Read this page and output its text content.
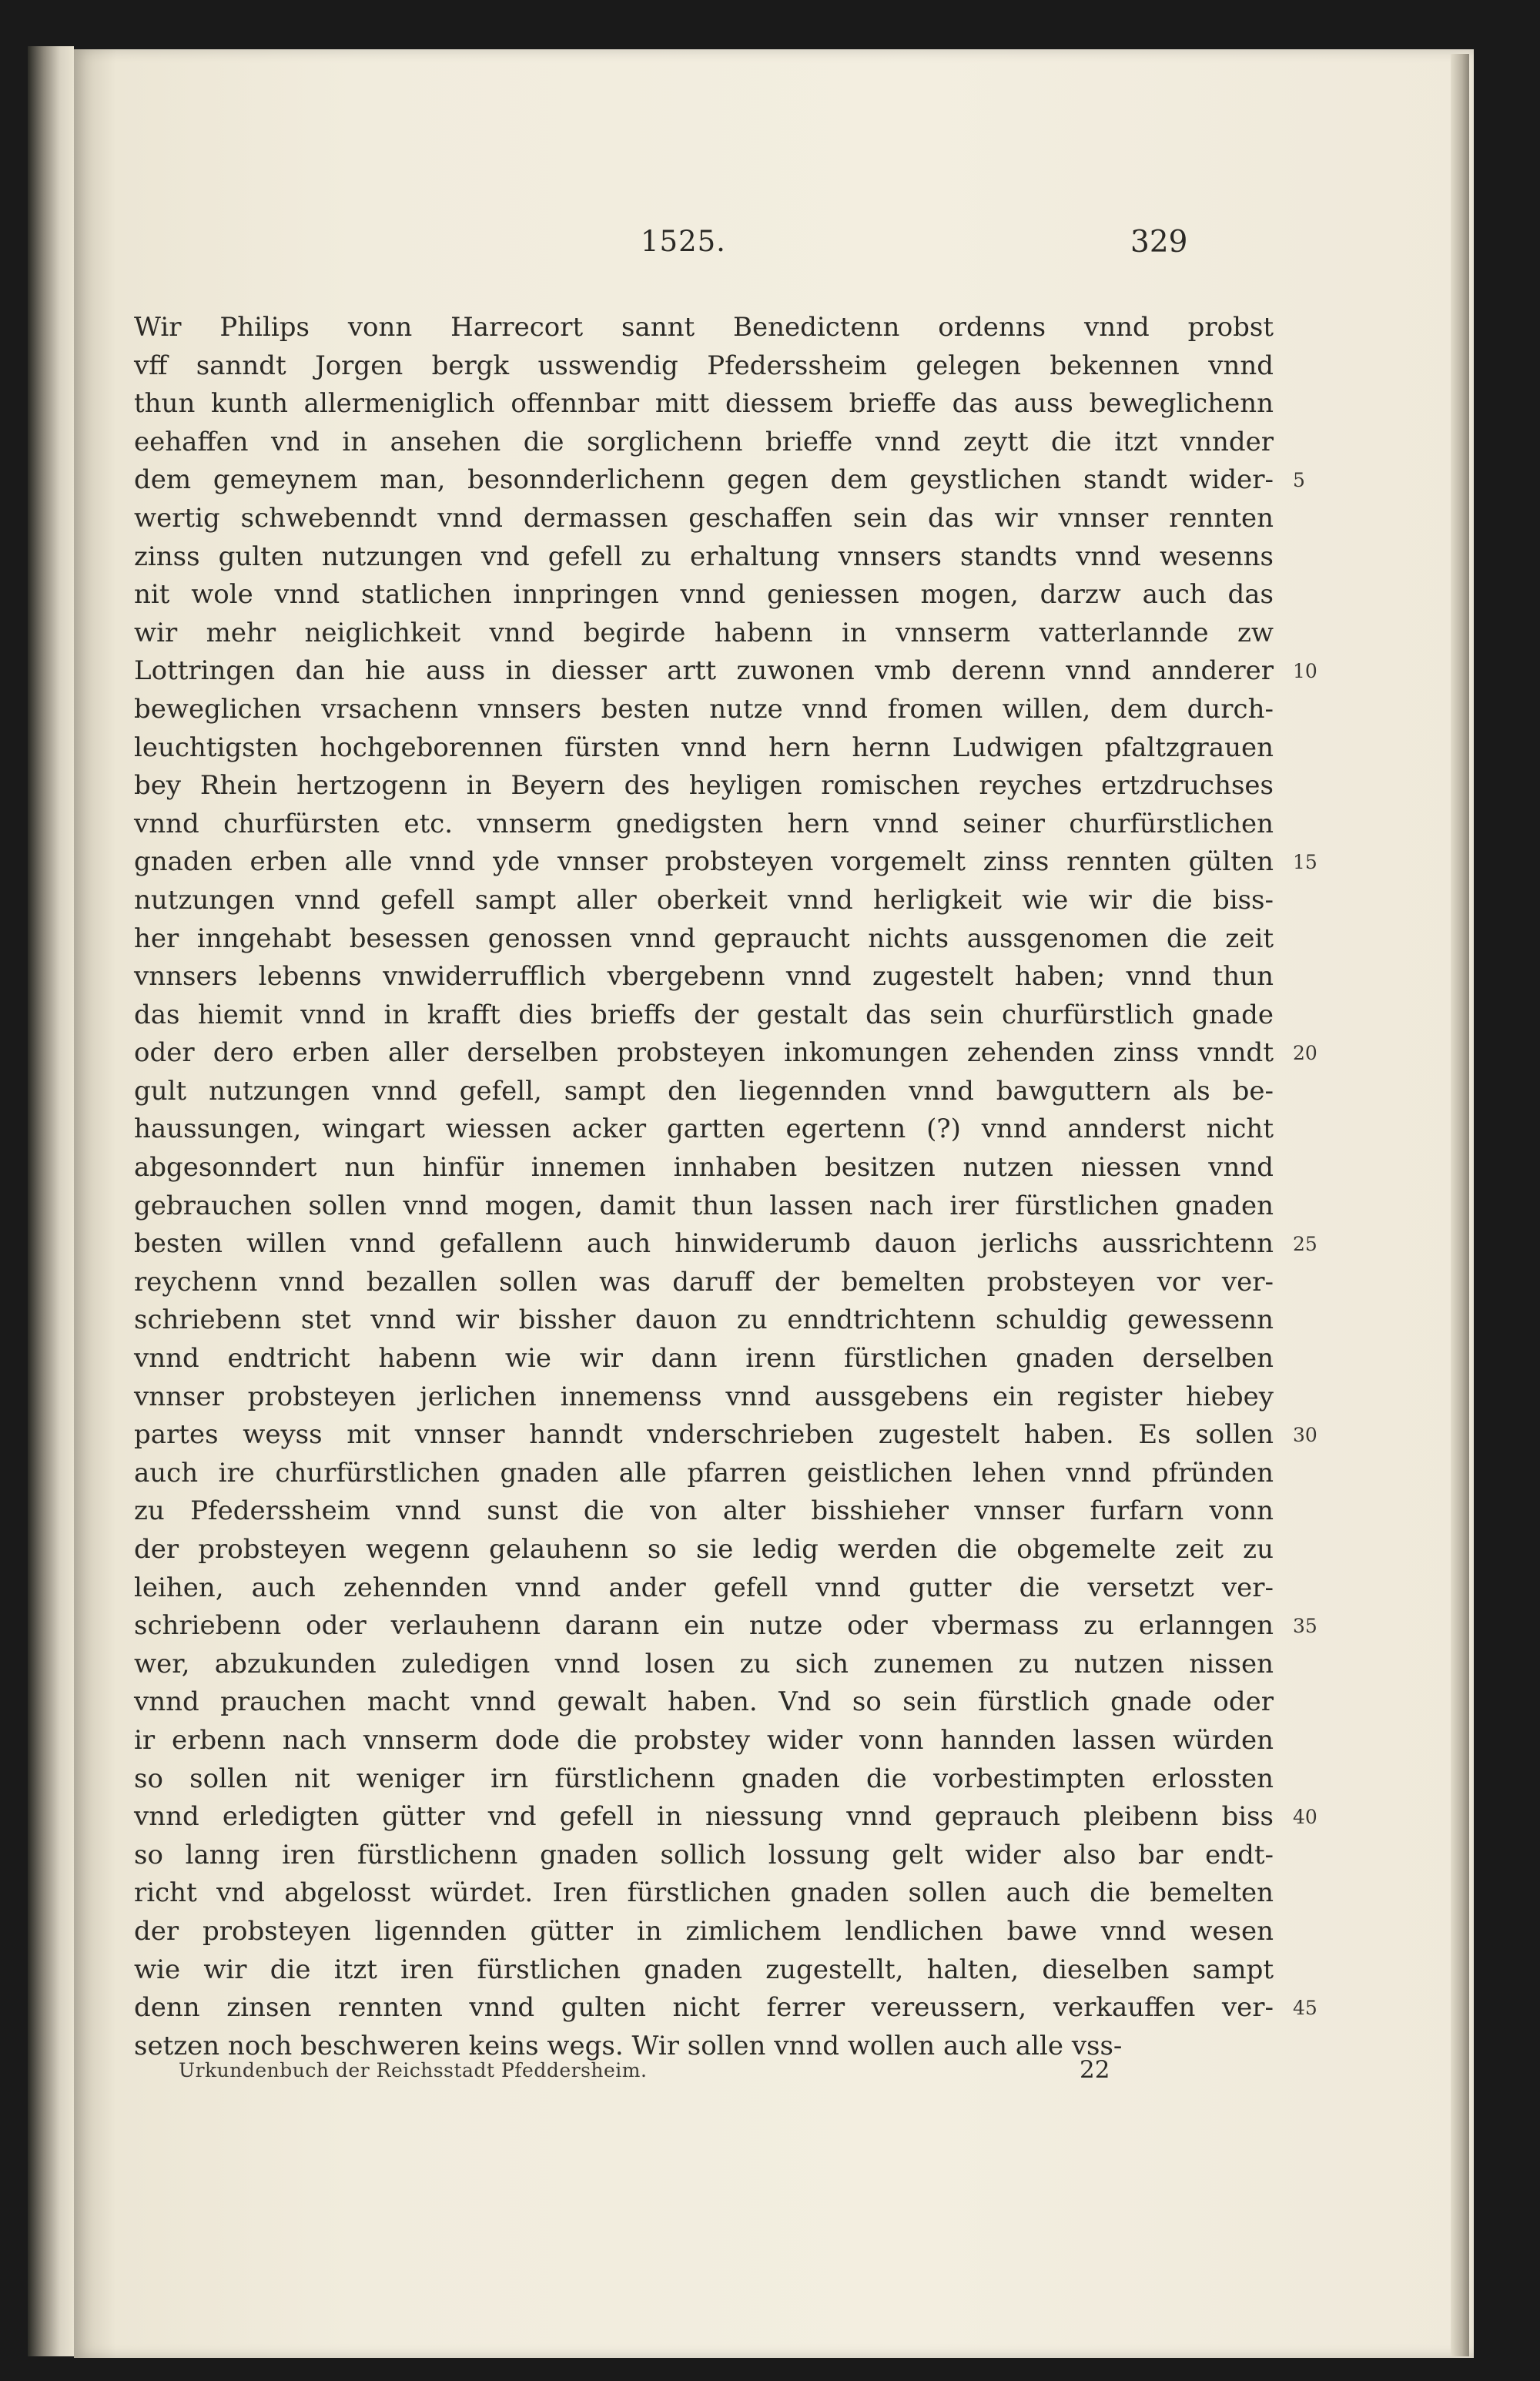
1525.	329
Wir Philips vonn Harrecort sannt Benedictenn ordenns vnnd probst
vff sanndt Jorgen bergk usswendig Pfederssheim gelegen bekennen vnnd
thun kunth allermeniglich offennbar mitt diessem brieffe das auss beweglichenn
eehaffen vnd in ansehen die sorglichenn brieffe vnnd zeytt die itzt vnnder
dem gemeynem man, besonnderlichenn gegen dem geystlichen standt wider- 5
wertig schwebenndt vnnd dermassen geschaffen sein das wir vnnser rennten
zinss gulten nutzungen vnd gefell zu erhaltung vnnsers standts vnnd wesenns
nit wole vnnd statlichen innpringen vnnd geniessen mogen, darzw auch das
wir mehr neiglichkeit vnnd begirde habenn in vnnserm vatterlannde zw
Lottringen dan hie auss in diesser artt zuwonen vmb derenn vnnd annderer 10
beweglichen vrsachenn vnnsers besten nutze vnnd fromen willen, dem durch-
leuchtigsten hochgeborennen fürsten vnnd hern hernn Ludwigen pfaltzgrauen
bey Rhein hertzogenn in Beyern des heyligen romischen reyches ertzdruchses
vnnd churfürsten etc. vnnserm gnedigsten hern vnnd seiner churfürstlichen
gnaden erben alle vnnd yde vnnser probsteyen vorgemelt zinss rennten gülten 15
nutzungen vnnd gefell sampt aller oberkeit vnnd herligkeit wie wir die biss-
her inngehabt besessen genossen vnnd gepraucht nichts aussgenomen die zeit
vnnsers lebenns vnwiderrufflich vbergebenn vnnd zugestelt haben; vnnd thun
das hiemit vnnd in krafft dies brieffs der gestalt das sein churfürstlich gnade
oder dero erben aller derselben probsteyen inkomungen zehenden zinss vnndt 20
gult nutzungen vnnd gefell, sampt den liegennden vnnd bawguttern als be-
haussungen, wingart wiessen acker gartten egertenn (?) vnnd annderst nicht
abgesonndert nun hinfür innemen innhaben besitzen nutzen niessen vnnd
gebrauchen sollen vnnd mogen, damit thun lassen nach irer fürstlichen gnaden
besten willen vnnd gefallenn auch hinwiderumb dauon jerlichs aussrichtenn 25
reychenn vnnd bezallen sollen was daruff der bemelten probsteyen vor ver-
schriebenn stet vnnd wir bissher dauon zu enndtrichtenn schuldig gewessenn
vnnd endtricht habenn wie wir dann irenn fürstlichen gnaden derselben
vnnser probsteyen jerlichen innemenss vnnd aussgebens ein register hiebey
partes weyss mit vnnser hanndt vnderschrieben zugestelt haben. Es sollen 30
auch ire churfürstlichen gnaden alle pfarren geistlichen lehen vnnd pfründen
zu Pfederssheim vnnd sunst die von alter bisshieher vnnser furfarn vonn
der probsteyen wegenn gelauhenn so sie ledig werden die obgemelte zeit zu
leihen, auch zehennden vnnd ander gefell vnnd gutter die versetzt ver-
schriebenn oder verlauhenn darann ein nutze oder vbermass zu erlanngen 35
wer, abzukunden zuledigen vnnd losen zu sich zunemen zu nutzen nissen
vnnd prauchen macht vnnd gewalt haben. Vnd so sein fürstlich gnade oder
ir erbenn nach vnnserm dode die probstey wider vonn hannden lassen würden
so sollen nit weniger irn fürstlichenn gnaden die vorbestimpten erlossten
vnnd erledigten gütter vnd gefell in niessung vnnd geprauch pleibenn biss 40
so lanng iren fürstlichenn gnaden sollich lossung gelt wider also bar endt-
richt vnd abgelosst würdet. Iren fürstlichen gnaden sollen auch die bemelten
der probsteyen ligennden gütter in zimlichem lendlichen bawe vnnd wesen
wie wir die itzt iren fürstlichen gnaden zugestellt, halten, dieselben sampt
denn zinsen rennten vnnd gulten nicht ferrer vereussern, verkauffen ver- 45
setzen noch beschweren keins wegs. Wir sollen vnnd wollen auch alle vss-
Urkundenbuch der Reichsstadt Pfeddersheim.	22
